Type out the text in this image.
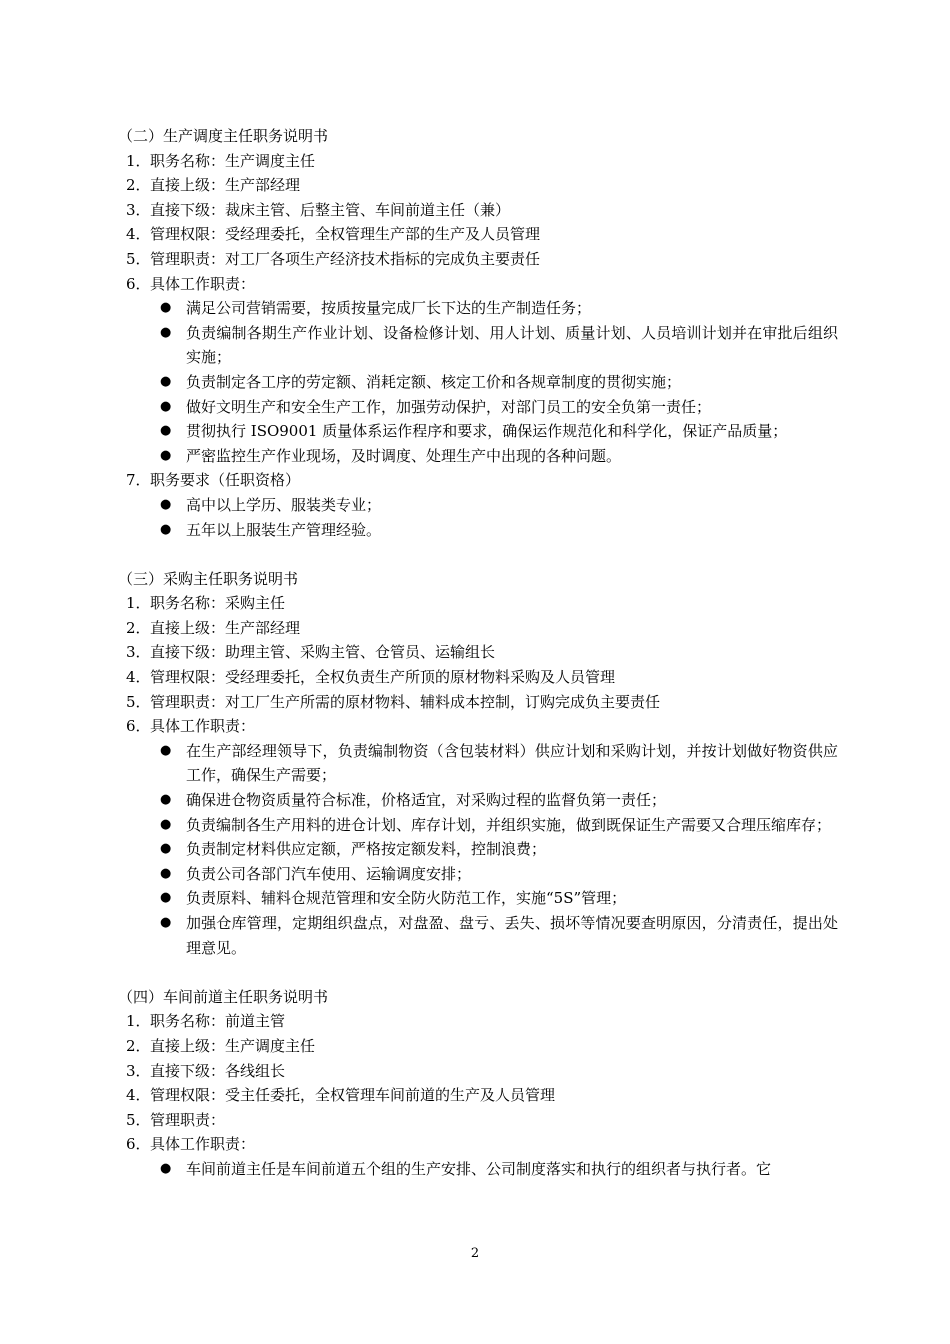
（二）生产调度主任职务说明书
1． 职务名称：生产调度主任
2． 直接上级：生产部经理
3． 直接下级：裁床主管、后整主管、车间前道主任（兼）
4． 管理权限：受经理委托，全权管理生产部的生产及人员管理
5． 管理职责：对工厂各项生产经济技术指标的完成负主要责任
6． 具体工作职责：
● 满足公司营销需要，按质按量完成厂长下达的生产制造任务；
● 负责编制各期生产作业计划、设备检修计划、用人计划、质量计划、人员培训计划并在审批后组织实施；
● 负责制定各工序的劳定额、消耗定额、核定工价和各规章制度的贯彻实施；
● 做好文明生产和安全生产工作，加强劳动保护，对部门员工的安全负第一责任；
● 贯彻执行 ISO9001 质量体系运作程序和要求，确保运作规范化和科学化，保证产品质量；
● 严密监控生产作业现场，及时调度、处理生产中出现的各种问题。
7． 职务要求（任职资格）
● 高中以上学历、服装类专业；
● 五年以上服装生产管理经验。
（三）采购主任职务说明书
1． 职务名称：采购主任
2． 直接上级：生产部经理
3． 直接下级：助理主管、采购主管、仓管员、运输组长
4． 管理权限：受经理委托，全权负责生产所顶的原材物料采购及人员管理
5． 管理职责：对工厂生产所需的原材物料、辅料成本控制，订购完成负主要责任
6． 具体工作职责：
● 在生产部经理领导下，负责编制物资（含包装材料）供应计划和采购计划，并按计划做好物资供应工作，确保生产需要；
● 确保进仓物资质量符合标准，价格适宜，对采购过程的监督负第一责任；
● 负责编制各生产用料的进仓计划、库存计划，并组织实施，做到既保证生产需要又合理压缩库存；
● 负责制定材料供应定额，严格按定额发料，控制浪费；
● 负责公司各部门汽车使用、运输调度安排；
● 负责原料、辅料仓规范管理和安全防火防范工作，实施“5S”管理；
● 加强仓库管理，定期组织盘点，对盘盈、盘亏、丢失、损坏等情况要查明原因，分清责任，提出处理意见。
（四）车间前道主任职务说明书
1． 职务名称：前道主管
2． 直接上级：生产调度主任
3． 直接下级：各线组长
4． 管理权限：受主任委托，全权管理车间前道的生产及人员管理
5． 管理职责：
6． 具体工作职责：
● 车间前道主任是车间前道五个组的生产安排、公司制度落实和执行的组织者与执行者。它
2
